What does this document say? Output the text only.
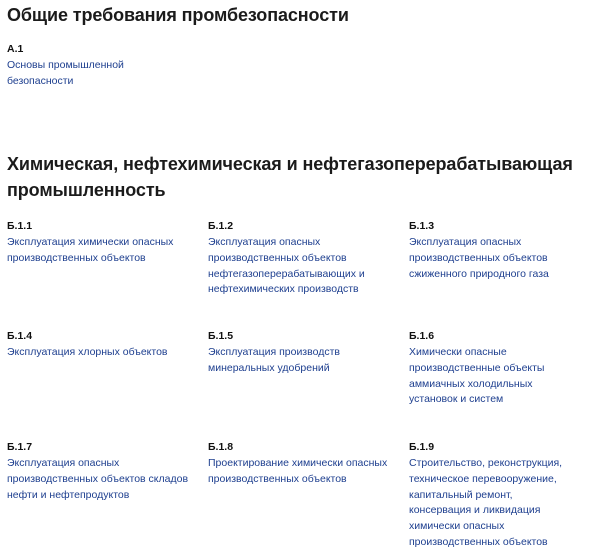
Общие требования промбезопасности
А.1
Основы промышленной безопасности
Химическая, нефтехимическая и нефтегазоперерабатывающая промышленность
Б.1.1
Эксплуатация химически опасных производственных объектов
Б.1.2
Эксплуатация опасных производственных объектов нефтегазоперерабатывающих и нефтехимических производств
Б.1.3
Эксплуатация опасных производственных объектов сжиженного природного газа
Б.1.4
Эксплуатация хлорных объектов
Б.1.5
Эксплуатация производств минеральных удобрений
Б.1.6
Химически опасные производственные объекты аммиачных холодильных установок и систем
Б.1.7
Эксплуатация опасных производственных объектов складов нефти и нефтепродуктов
Б.1.8
Проектирование химически опасных производственных объектов
Б.1.9
Строительство, реконструкция, техническое перевооружение, капитальный ремонт, консервация и ликвидация химически опасных производственных объектов
